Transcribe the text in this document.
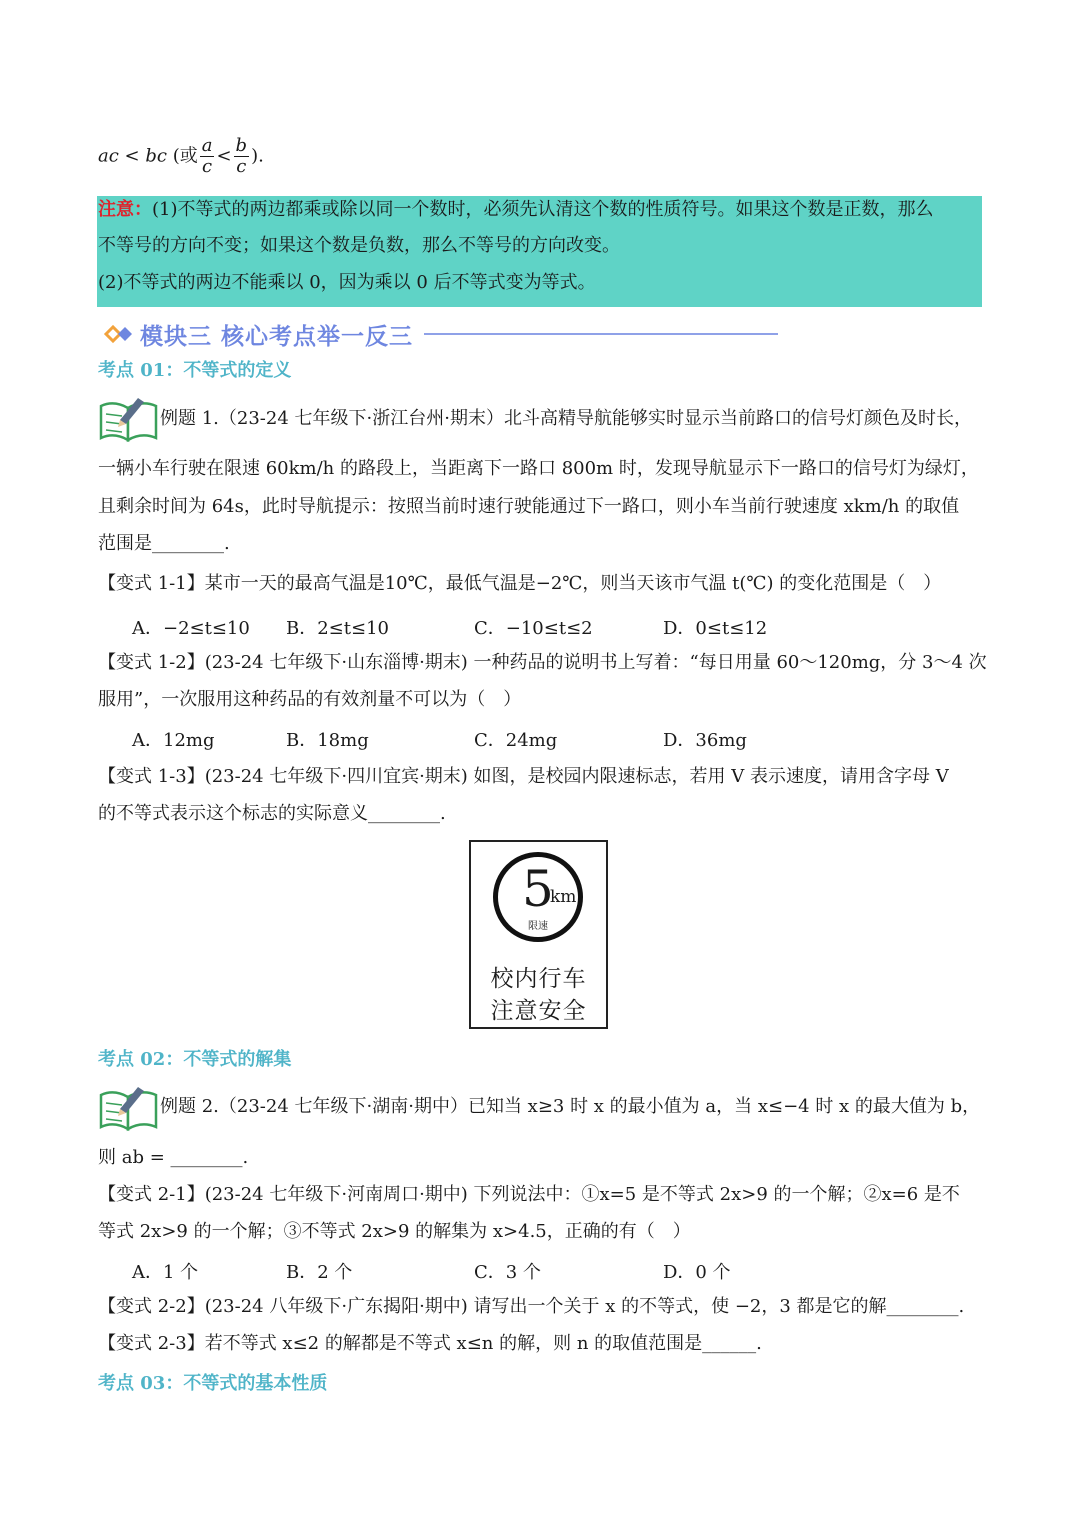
ac < bc (或 $\frac{a}{c} < \frac{b}{c}$ ).
注意：(1)不等式的两边都乘或除以同一个数时，必须先认清这个数的性质符号。如果这个数是正数，那么
不等号的方向不变；如果这个数是负数，那么不等号的方向改变。
(2)不等式的两边不能乘以 0，因为乘以 0 后不等式变为等式。
模块三 核心考点举一反三
考点 01：不等式的定义
例题 1.（23-24 七年级下·浙江台州·期末）北斗高精导航能够实时显示当前路口的信号灯颜色及时长，
一辆小车行驶在限速 60km/h 的路段上，当距离下一路口 800m 时，发现导航显示下一路口的信号灯为绿灯，
且剩余时间为 64s，此时导航提示：按照当前时速行驶能通过下一路口，则小车当前行驶速度 xkm/h 的取值
范围是________.
【变式 1-1】某市一天的最高气温是10℃，最低气温是−2℃，则当天该市气温 t(℃) 的变化范围是（　）
A．−2≤t≤10 B．2≤t≤10	C．−10≤t≤2	D．0≤t≤12
【变式 1-2】(23-24 七年级下·山东淄博·期末) 一种药品的说明书上写着：“每日用量 60～120mg，分 3～4 次
服用”，一次服用这种药品的有效剂量不可以为（　）
A．12mg	B．18mg	C．24mg	D．36mg
【变式 1-3】(23-24 七年级下·四川宜宾·期末) 如图，是校园内限速标志，若用 V 表示速度，请用含字母 V
的不等式表示这个标志的实际意义________.
5
km
限速
校内行车
注意安全
考点 02：不等式的解集
例题 2.（23-24 七年级下·湖南·期中）已知当 x≥3 时 x 的最小值为 a，当 x≤−4 时 x 的最大值为 b，
则 ab = ________.
【变式 2-1】(23-24 七年级下·河南周口·期中) 下列说法中：①x=5 是不等式 2x>9 的一个解；②x=6 是不
等式 2x>9 的一个解；③不等式 2x>9 的解集为 x>4.5，正确的有（　）
A．1 个	B．2 个	C．3 个	D．0 个
【变式 2-2】(23-24 八年级下·广东揭阳·期中) 请写出一个关于 x 的不等式，使 −2，3 都是它的解________.
【变式 2-3】若不等式 x≤2 的解都是不等式 x≤n 的解，则 n 的取值范围是______.
考点 03：不等式的基本性质
